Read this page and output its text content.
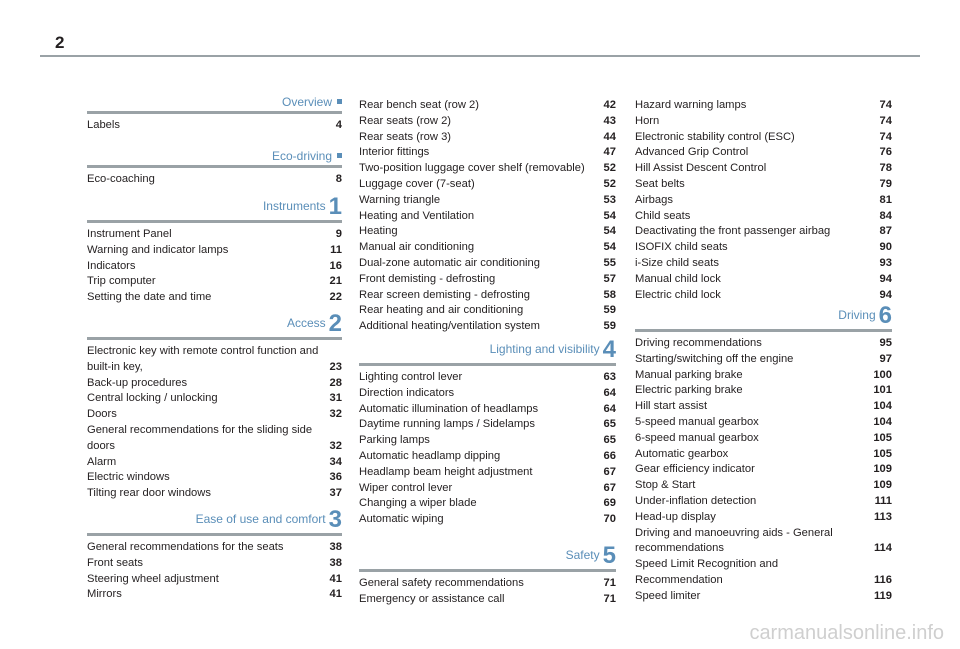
2
Overview
Labels	4
Eco-driving
Eco-coaching	8
Instruments 1
Instrument Panel	9
Warning and indicator lamps	11
Indicators	16
Trip computer	21
Setting the date and time	22
Access 2
Electronic key with remote control function and built-in key,	23
Back-up procedures	28
Central locking / unlocking	31
Doors	32
General recommendations for the sliding side doors	32
Alarm	34
Electric windows	36
Tilting rear door windows	37
Ease of use and comfort 3
General recommendations for the seats	38
Front seats	38
Steering wheel adjustment	41
Mirrors	41
Rear bench seat (row 2)	42
Rear seats (row 2)	43
Rear seats (row 3)	44
Interior fittings	47
Two-position luggage cover shelf (removable)	52
Luggage cover (7-seat)	52
Warning triangle	53
Heating and Ventilation	54
Heating	54
Manual air conditioning	54
Dual-zone automatic air conditioning	55
Front demisting - defrosting	57
Rear screen demisting - defrosting	58
Rear heating and air conditioning	59
Additional heating/ventilation system	59
Lighting and visibility 4
Lighting control lever	63
Direction indicators	64
Automatic illumination of headlamps	64
Daytime running lamps / Sidelamps	65
Parking lamps	65
Automatic headlamp dipping	66
Headlamp beam height adjustment	67
Wiper control lever	67
Changing a wiper blade	69
Automatic wiping	70
Safety 5
General safety recommendations	71
Emergency or assistance call	71
Hazard warning lamps	74
Horn	74
Electronic stability control (ESC)	74
Advanced Grip Control	76
Hill Assist Descent Control	78
Seat belts	79
Airbags	81
Child seats	84
Deactivating the front passenger airbag	87
ISOFIX child seats	90
i-Size child seats	93
Manual child lock	94
Electric child lock	94
Driving 6
Driving recommendations	95
Starting/switching off the engine	97
Manual parking brake	100
Electric parking brake	101
Hill start assist	104
5-speed manual gearbox	104
6-speed manual gearbox	105
Automatic gearbox	105
Gear efficiency indicator	109
Stop & Start	109
Under-inflation detection	111
Head-up display	113
Driving and manoeuvring aids - General recommendations	114
Speed Limit Recognition and Recommendation	116
Speed limiter	119
carmanualsonline.info
